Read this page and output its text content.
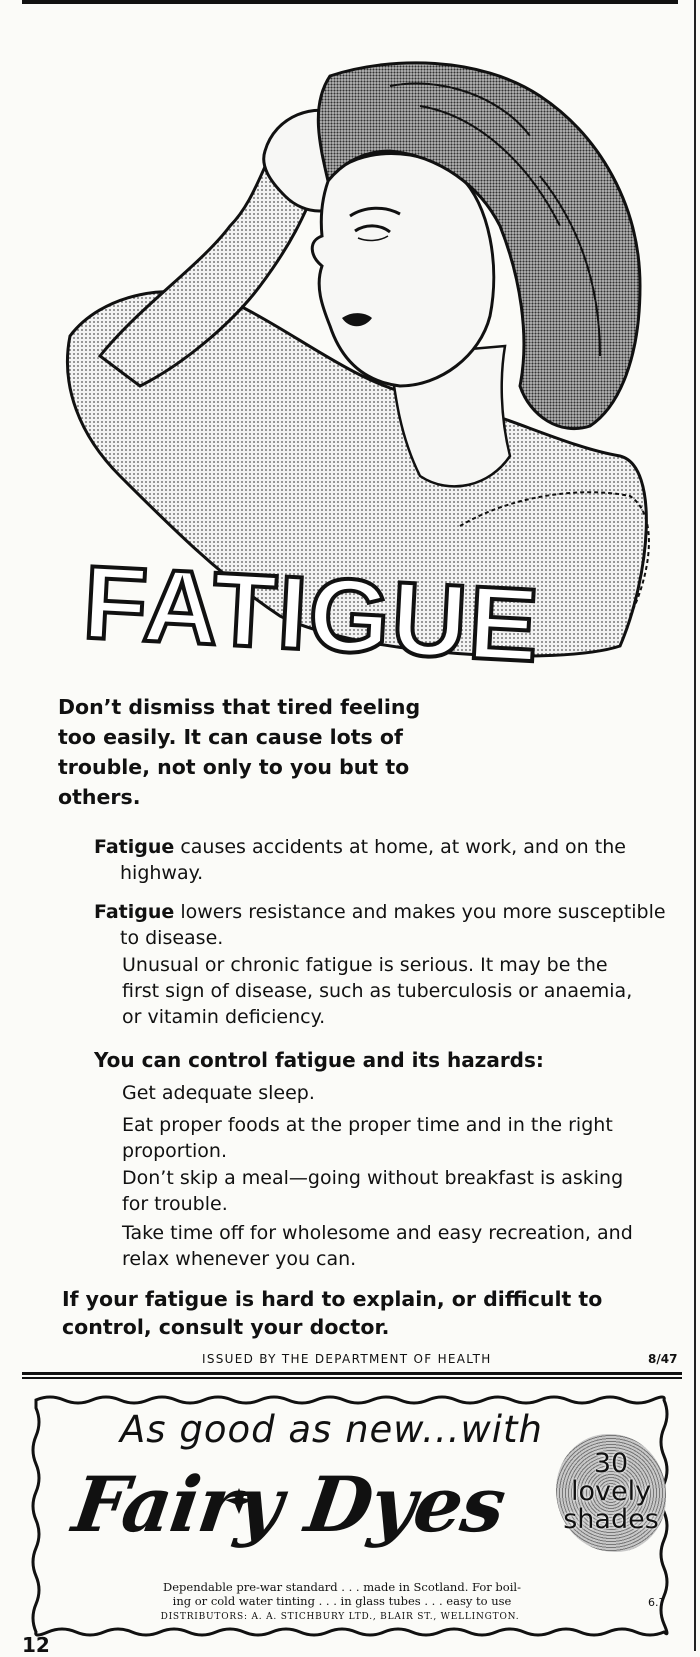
FATIGUE
Don’t dismiss that tired feeling too easily. It can cause lots of trouble, not only to you but to others.
Fatigue causes accidents at home, at work, and on the highway.
Fatigue lowers resistance and makes you more susceptible to disease.
Unusual or chronic fatigue is serious. It may be the first sign of disease, such as tuberculosis or anaemia, or vitamin deficiency.
You can control fatigue and its hazards:
Get adequate sleep.
Eat proper foods at the proper time and in the right proportion.
Don’t skip a meal—going without breakfast is asking for trouble.
Take time off for wholesome and easy recreation, and relax whenever you can.
If your fatigue is hard to explain, or difficult to control, consult your doctor.
ISSUED BY THE DEPARTMENT OF HEALTH	8/47
As good as new...with
Fairy Dyes	30
lovely
shades
Dependable pre-war standard . . . made in Scotland. For boil-
ing or cold water tinting . . . in glass tubes . . . easy to use
DISTRIBUTORS: A. A. STICHBURY LTD., BLAIR ST., WELLINGTON.
6.7
12
